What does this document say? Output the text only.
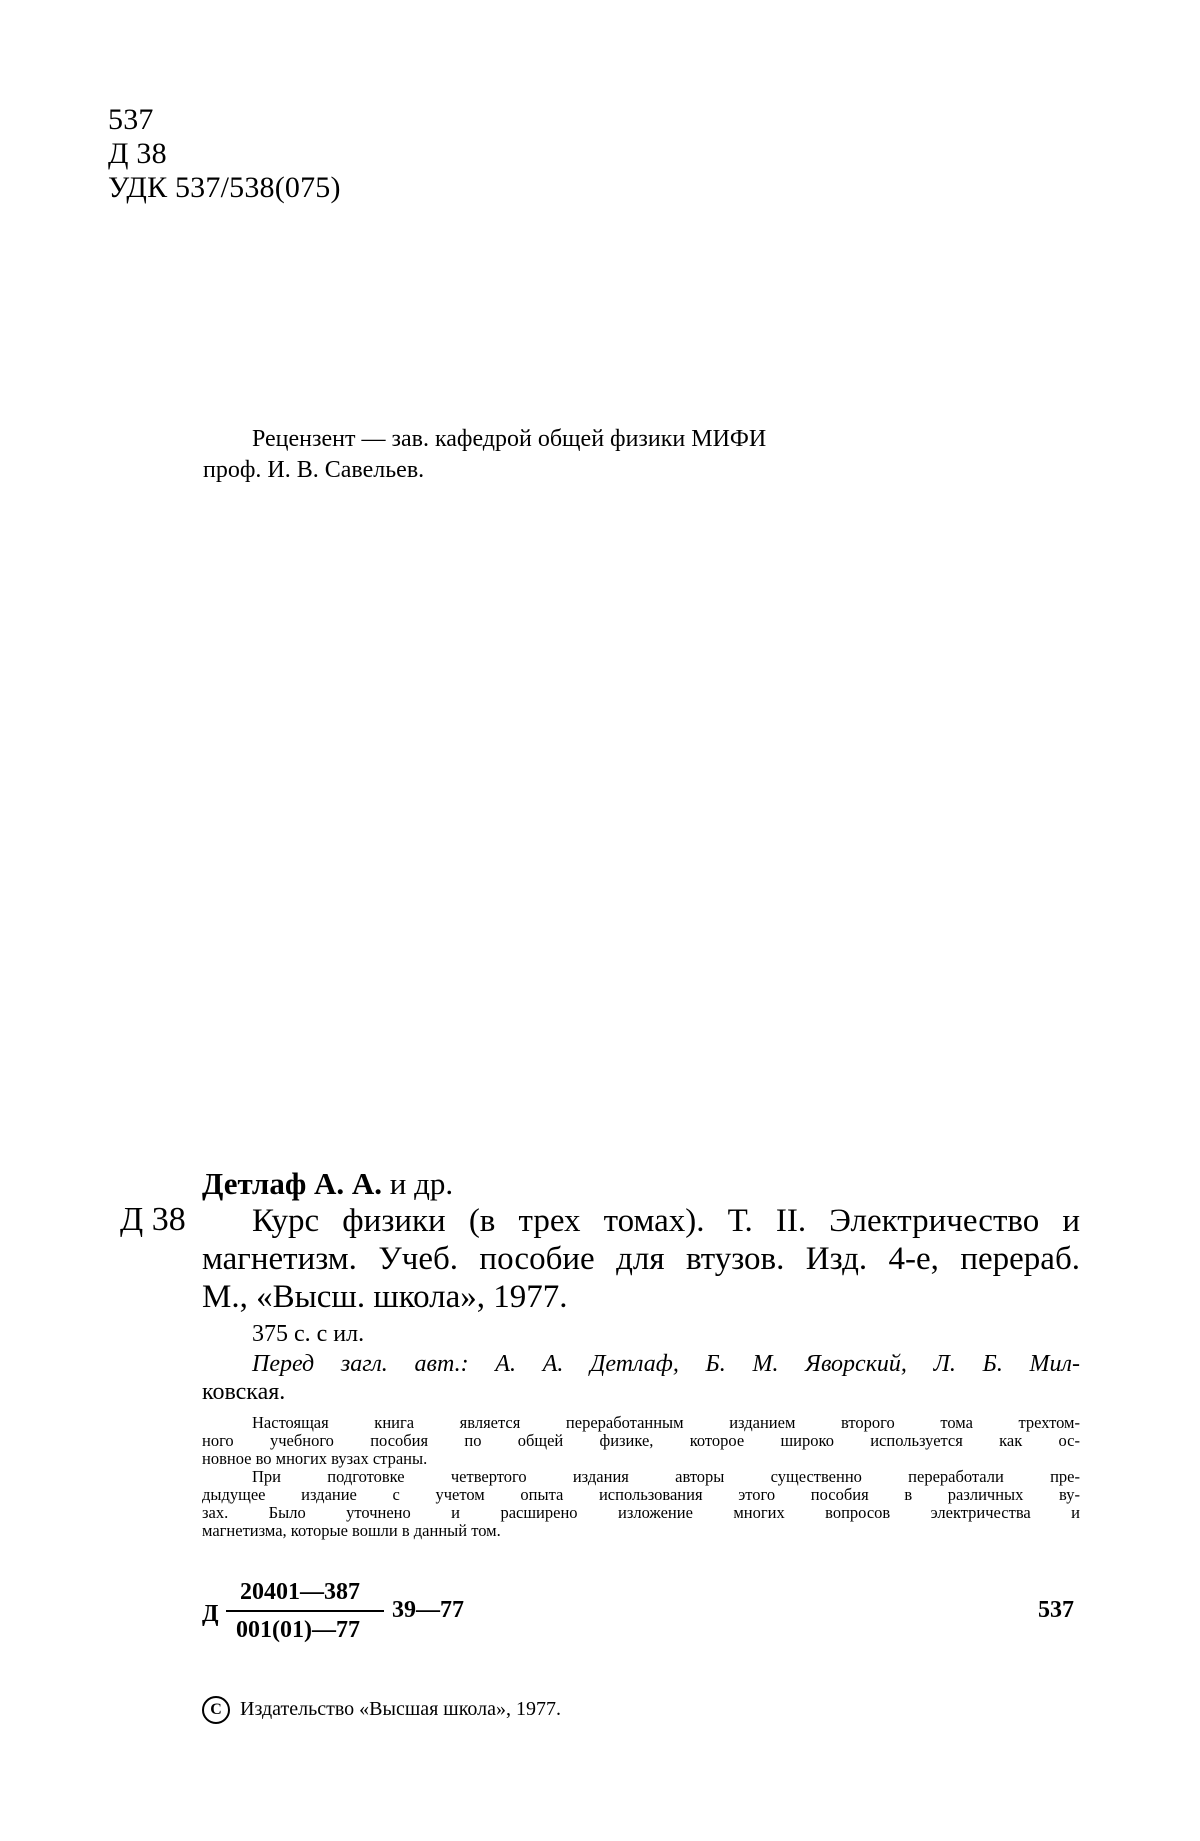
537
Д 38
УДК 537/538(075)
Рецензент — зав. кафедрой общей физики МИФИ
проф. И. В. Савельев.
Детлаф А. А. и др.
Д 38 Курс физики (в трех томах). Т. II. Электричество и
магнетизм. Учеб. пособие для втузов. Изд. 4-е, перераб.
М., «Высш. школа», 1977.
375 с. с ил.
Перед загл. авт.: А. А. Детлаф, Б. М. Яворский, Л. Б. Мил-
ковская.
Настоящая книга является переработанным изданием второго тома трехтом-
ного учебного пособия по общей физике, которое широко используется как ос-
новное во многих вузах страны.
При подготовке четвертого издания авторы существенно переработали пре-
дыдущее издание с учетом опыта использования этого пособия в различных ву-
зах. Было уточнено и расширено изложение многих вопросов электричества и
магнетизма, которые вошли в данный том.
Д
20401—387
001(01)—77
39—77	537
C Издательство «Высшая школа», 1977.
